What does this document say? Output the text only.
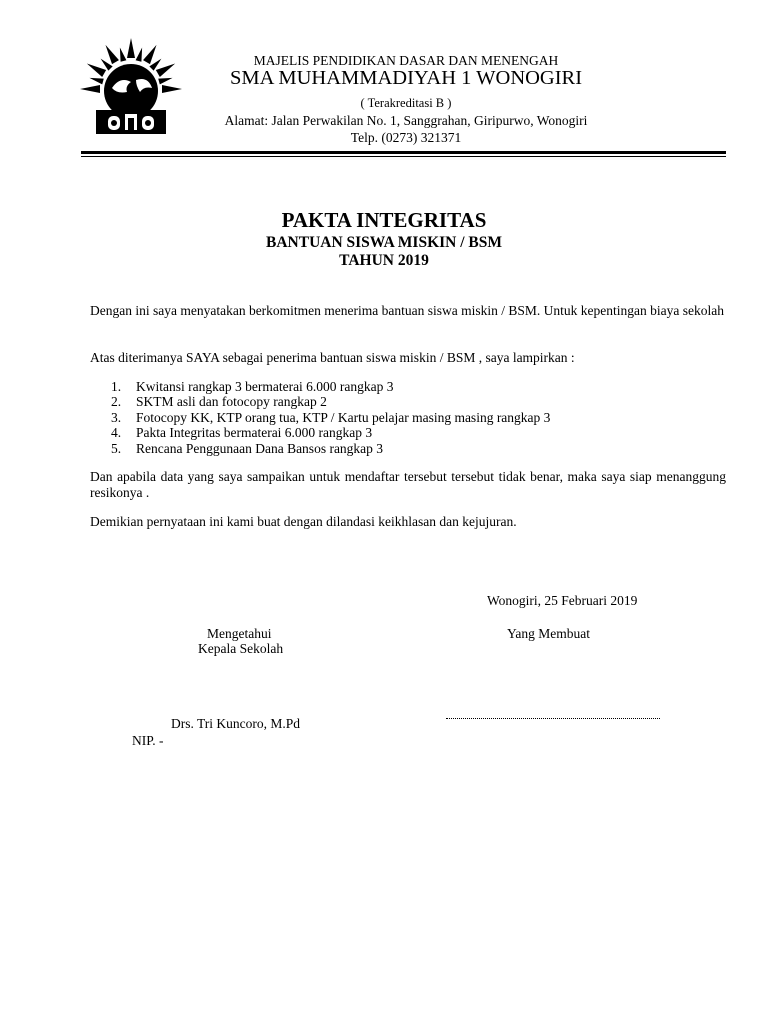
MAJELIS PENDIDIKAN DASAR DAN MENENGAH
SMA MUHAMMADIYAH 1 WONOGIRI
( Terakreditasi B )
Alamat: Jalan Perwakilan No. 1, Sanggrahan, Giripurwo, Wonogiri
Telp. (0273) 321371
PAKTA INTEGRITAS
BANTUAN SISWA MISKIN / BSM
TAHUN 2019
Dengan ini saya menyatakan berkomitmen menerima bantuan siswa miskin / BSM. Untuk kepentingan biaya sekolah
Atas diterimanya SAYA sebagai penerima bantuan siswa miskin / BSM , saya lampirkan :
1. Kwitansi rangkap 3 bermaterai 6.000 rangkap 3
2. SKTM asli dan fotocopy rangkap 2
3. Fotocopy KK, KTP orang tua, KTP / Kartu pelajar masing masing rangkap 3
4. Pakta Integritas bermaterai 6.000 rangkap 3
5. Rencana Penggunaan Dana Bansos rangkap 3
Dan apabila data yang saya sampaikan untuk mendaftar tersebut tersebut tidak benar, maka saya siap menanggung resikonya .
Demikian pernyataan ini kami buat dengan dilandasi keikhlasan dan kejujuran.
Wonogiri, 25 Februari 2019
Mengetahui
Kepala Sekolah
Yang Membuat
Drs. Tri Kuncoro, M.Pd
NIP. -
